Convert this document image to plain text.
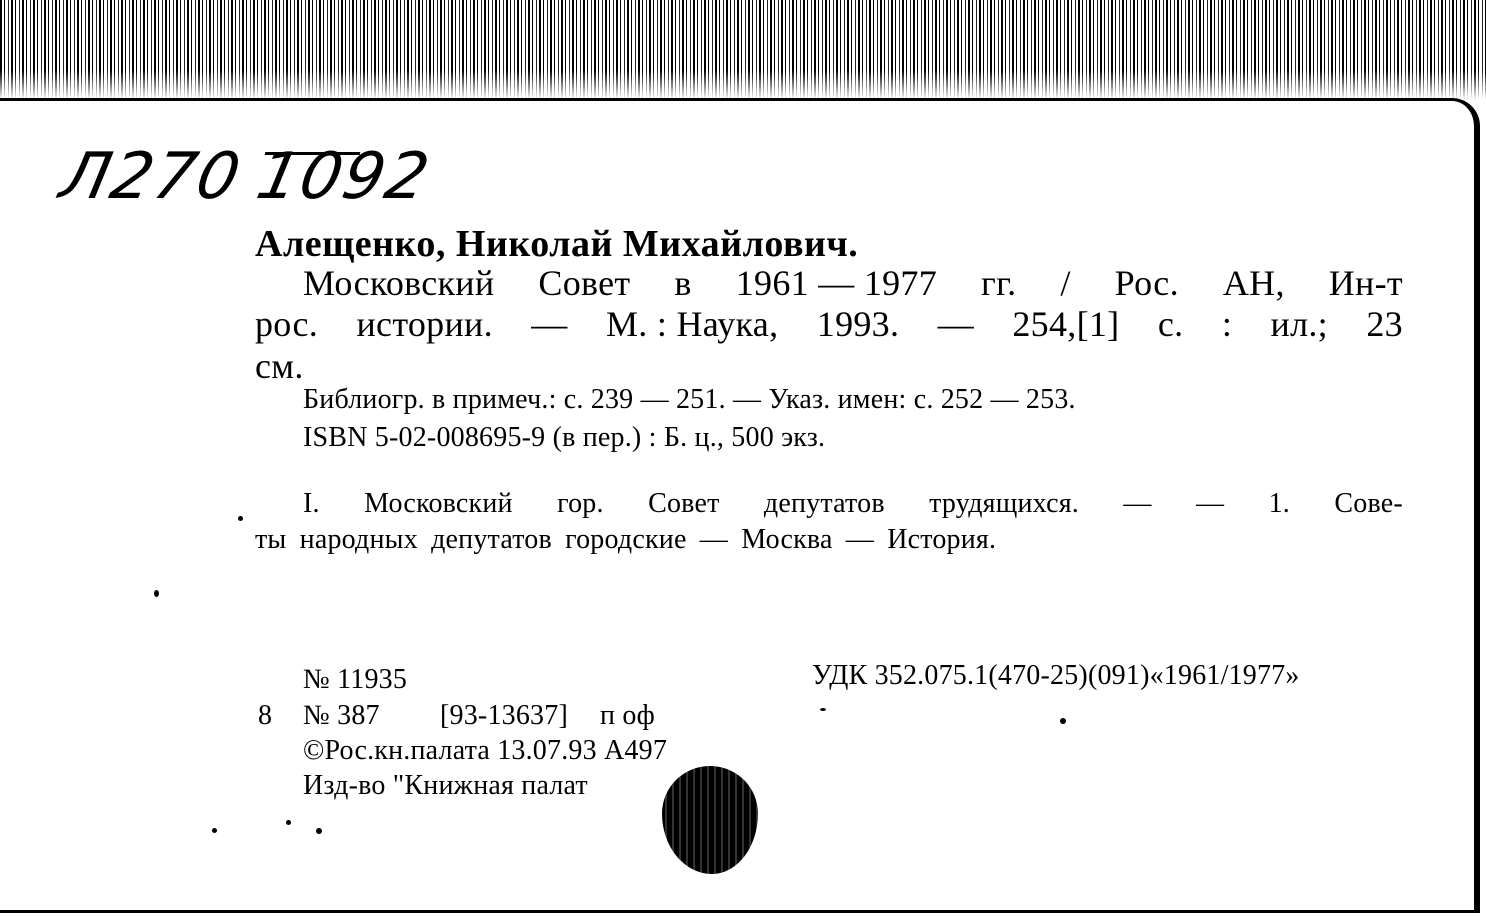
Л2701092
Алещенко, Николай Михайлович.
Московский Совет в 1961 — 1977 гг. / Рос. АН, Ин-т
рос. истории. — М. : Наука, 1993. — 254,[1] с. : ил.; 23
см.
Библиогр. в примеч.: с. 239 — 251. — Указ. имен: с. 252 — 253.
ISBN 5-02-008695-9 (в пер.) : Б. ц., 500 экз.
I. Московский гор. Совет депутатов трудящихся. — — 1. Сове-
ты народных депутатов городские — Москва — История.
№ 11935	УДК 352.075.1(470-25)(091)«1961/1977»
8 № 387 [93-13637] п оф
©Рос.кн.палата 13.07.93 А497
Изд-во "Книжная палат
